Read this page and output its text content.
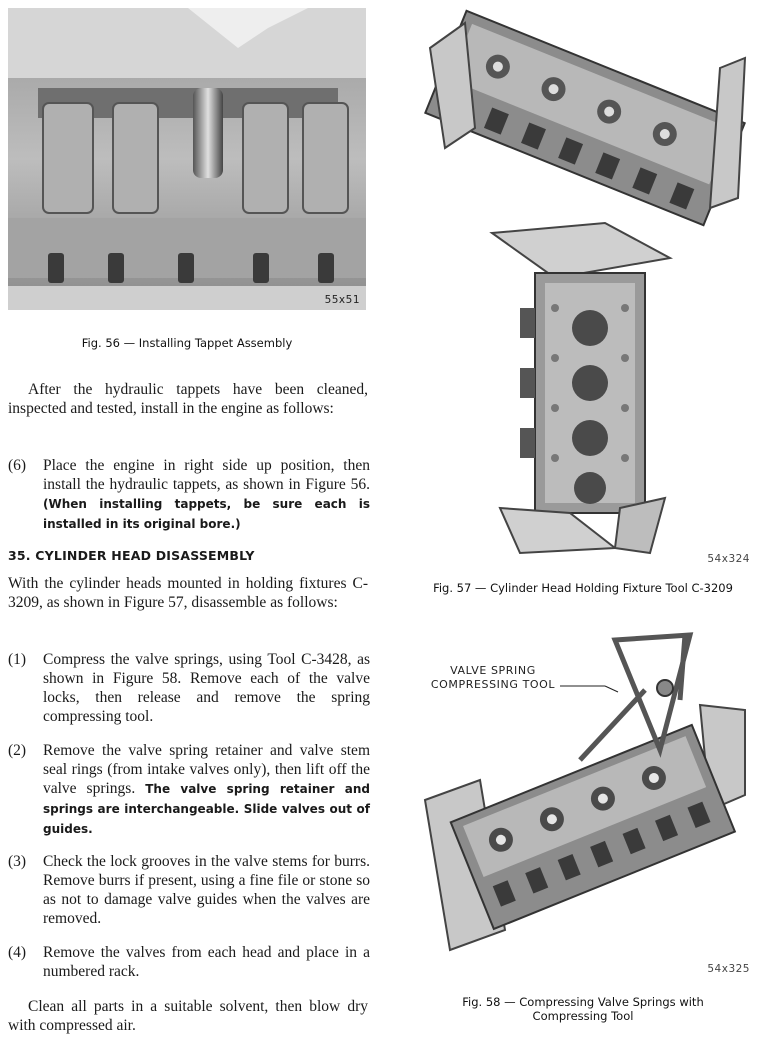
55x51
Fig. 56 — Installing Tappet Assembly
After the hydraulic tappets have been cleaned, inspected and tested, install in the engine as follows:
(6) Place the engine in right side up position, then install the hydraulic tappets, as shown in Figure 56. (When installing tappets, be sure each is installed in its original bore.)
35. CYLINDER HEAD DISASSEMBLY
With the cylinder heads mounted in holding fixtures C-3209, as shown in Figure 57, disassemble as follows:
(1) Compress the valve springs, using Tool C-3428, as shown in Figure 58. Remove each of the valve locks, then release and remove the spring compressing tool.
(2) Remove the valve spring retainer and valve stem seal rings (from intake valves only), then lift off the valve springs. The valve spring retainer and springs are interchangeable. Slide valves out of guides.
(3) Check the lock grooves in the valve stems for burrs. Remove burrs if present, using a fine file or stone so as not to damage valve guides when the valves are removed.
(4) Remove the valves from each head and place in a numbered rack.
Clean all parts in a suitable solvent, then blow dry with compressed air.
54x324
Fig. 57 — Cylinder Head Holding Fixture Tool C-3209
54x325
VALVE SPRING
COMPRESSING TOOL
Fig. 58 — Compressing Valve Springs with
Compressing Tool
